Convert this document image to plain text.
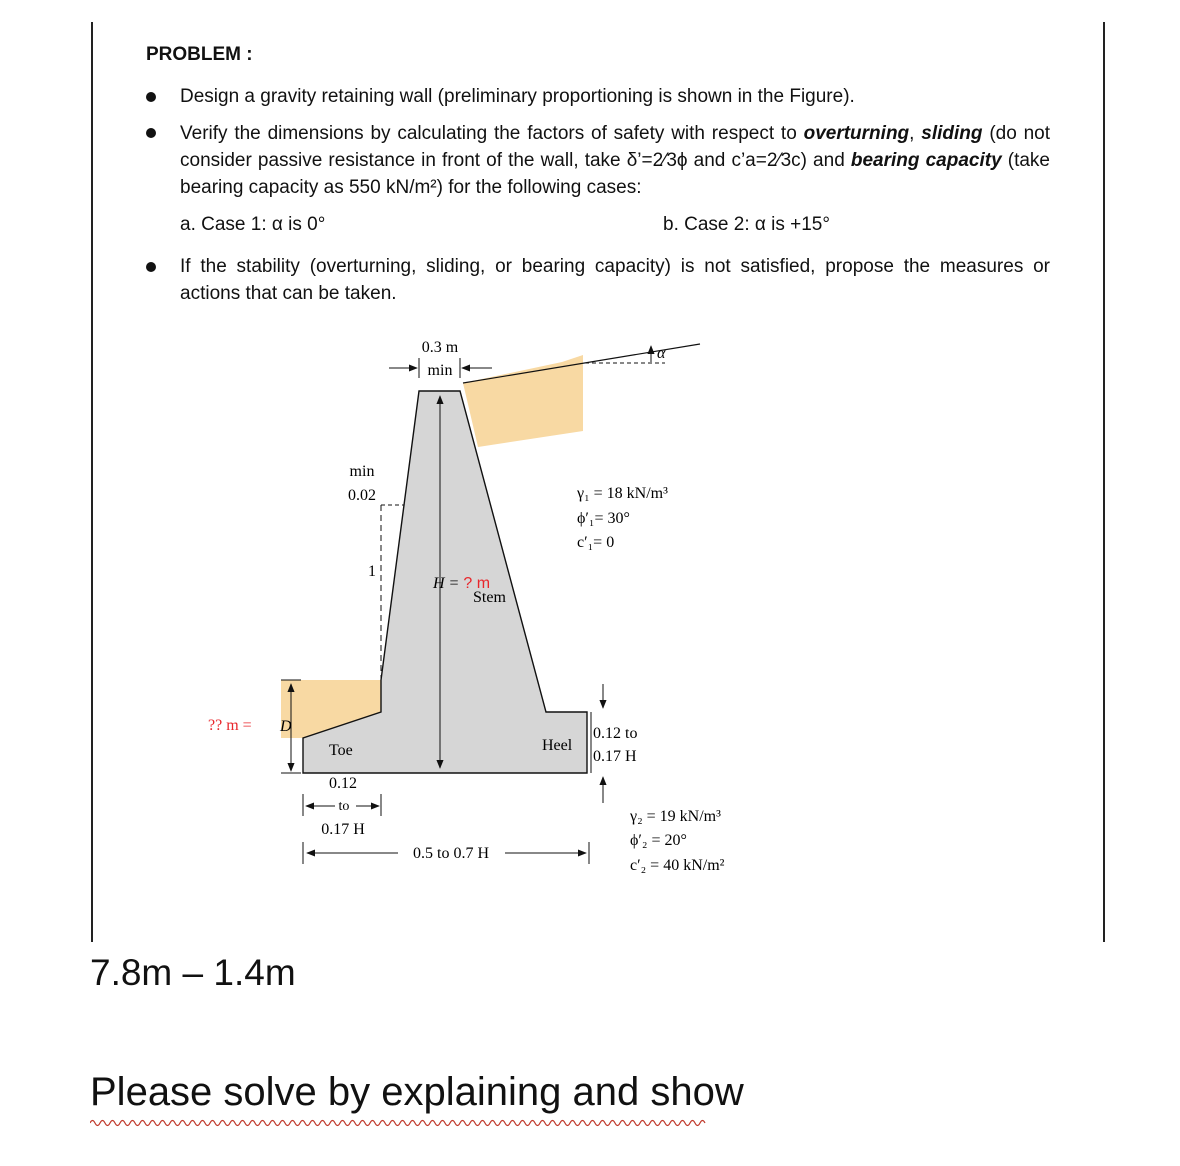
PROBLEM :
Design a gravity retaining wall (preliminary proportioning is shown in the Figure).
Verify the dimensions by calculating the factors of safety with respect to overturning, sliding (do not consider passive resistance in front of the wall, take δ’=2⁄3ϕ and c’a=2⁄3c) and bearing capacity (take bearing capacity as 550 kN/m²) for the following cases:
a. Case 1: α is 0°	b. Case 2: α is +15°
If the stability (overturning, sliding, or bearing capacity) is not satisfied, propose the measures or actions that can be taken.
0.3 m
min
min
0.02
1
H = ? m
Stem
γ₁ = 18 kN/m³
ϕ′₁= 30°
c′₁= 0
α
?? m = D
Toe	Heel
0.12
to
0.17 H
0.12 to
0.17 H
0.5 to 0.7 H
γ₂ = 19 kN/m³
ϕ′₂ = 20°
c′₂ = 40 kN/m²
7.8m – 1.4m
Please solve by explaining and show
